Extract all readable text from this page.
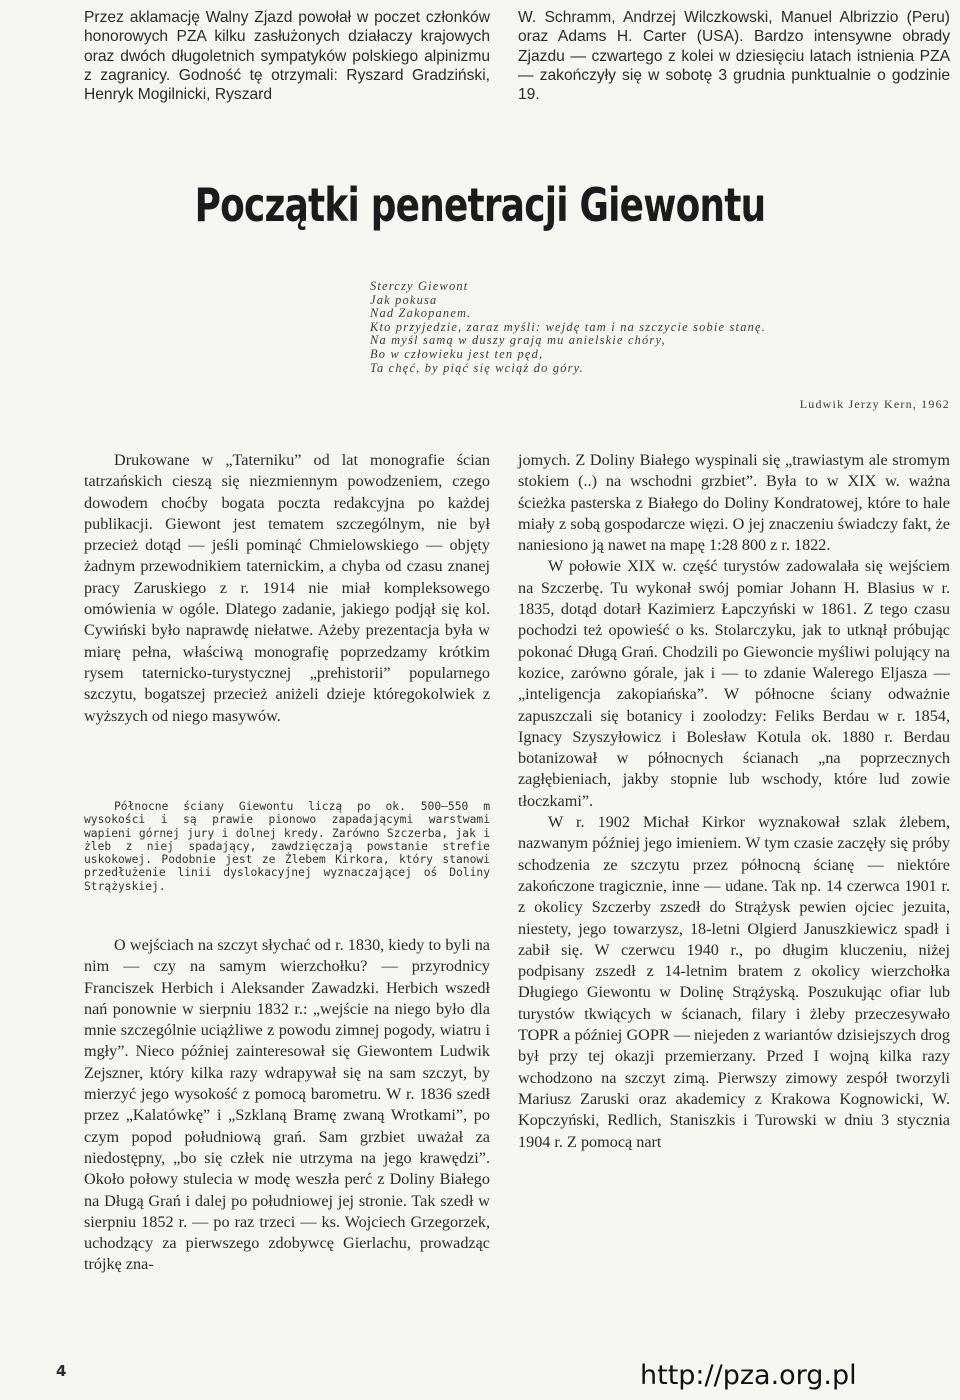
Przez aklamację Walny Zjazd powołał w poczet członków honorowych PZA kilku zasłużonych działaczy krajowych oraz dwóch długoletnich sympatyków polskiego alpinizmu z zagranicy. Godność tę otrzymali: Ryszard Gradziński, Henryk Mogilnicki, Ryszard
W. Schramm, Andrzej Wilczkowski, Manuel Albrizzio (Peru) oraz Adams H. Carter (USA). Bardzo intensywne obrady Zjazdu — czwartego z kolei w dziesięciu latach istnienia PZA — zakończyły się w sobotę 3 grudnia punktualnie o godzinie 19.
Początki penetracji Giewontu
Sterczy Giewont
Jak pokusa
Nad Zakopanem.
Kto przyjedzie, zaraz myśli: wejdę tam i na szczycie sobie stanę.
Na myśl samą w duszy grają mu anielskie chóry,
Bo w człowieku jest ten pęd,
Ta chęć, by piąć się wciąż do góry.
Ludwik Jerzy Kern, 1962

Drukowane w „Taterniku” od lat monografie ścian tatrzańskich cieszą się niezmiennym powodzeniem, czego dowodem choćby bogata poczta redakcyjna po każdej publikacji. Giewont jest tematem szczególnym, nie był przecież dotąd — jeśli pominąć Chmielowskiego — objęty żadnym przewodnikiem taternickim, a chyba od czasu znanej pracy Zaruskiego z r. 1914 nie miał kompleksowego omówienia w ogóle. Dlatego zadanie, jakiego podjął się kol. Cywiński było naprawdę niełatwe. Ażeby prezentacja była w miarę pełna, właściwą monografię poprzedzamy krótkim rysem taternicko-turystycznej „prehistorii” popularnego szczytu, bogatszej przecież aniżeli dzieje któregokolwiek z wyższych od niego masywów.

Północne ściany Giewontu liczą po ok. 500—550 m wysokości i są prawie pionowo zapadającymi warstwami wapieni górnej jury i dolnej kredy. Zarówno Szczerba, jak i żleb z niej spadający, zawdzięczają powstanie strefie uskokowej. Podobnie jest ze Żlebem Kirkora, który stanowi przedłużenie linii dyslokacyjnej wyznaczającej oś Doliny Strążyskiej.

O wejściach na szczyt słychać od r. 1830, kiedy to byli na nim — czy na samym wierzchołku? — przyrodnicy Franciszek Herbich i Aleksander Zawadzki. Herbich wszedł nań ponownie w sierpniu 1832 r.: „wejście na niego było dla mnie szczególnie uciążliwe z powodu zimnej pogody, wiatru i mgły”. Nieco później zainteresował się Giewontem Ludwik Zejszner, który kilka razy wdrapywał się na sam szczyt, by mierzyć jego wysokość z pomocą barometru. W r. 1836 szedł przez „Kalatówkę” i „Szklaną Bramę zwaną Wrotkami”, po czym popod południową grań. Sam grzbiet uważał za niedostępny, „bo się człek nie utrzyma na jego krawędzi”. Około połowy stulecia w modę weszła perć z Doliny Białego na Długą Grań i dalej po południowej jej stronie. Tak szedł w sierpniu 1852 r. — po raz trzeci — ks. Wojciech Grzegorzek, uchodzący za pierwszego zdobywcę Gierlachu, prowadząc trójkę zna-

jomych. Z Doliny Białego wyspinali się „trawiastym ale stromym stokiem (..) na wschodni grzbiet”. Była to w XIX w. ważna ścieżka pasterska z Białego do Doliny Kondratowej, które to hale miały z sobą gospodarcze więzi. O jej znaczeniu świadczy fakt, że naniesiono ją nawet na mapę 1:28 800 z r. 1822.

W połowie XIX w. część turystów zadowalała się wejściem na Szczerbę. Tu wykonał swój pomiar Johann H. Blasius w r. 1835, dotąd dotarł Kazimierz Łapczyński w 1861. Z tego czasu pochodzi też opowieść o ks. Stolarczyku, jak to utknął próbując pokonać Długą Grań. Chodzili po Giewoncie myśliwi polujący na kozice, zarówno górale, jak i — to zdanie Walerego Eljasza — „inteligencja zakopiańska”. W północne ściany odważnie zapuszczali się botanicy i zoolodzy: Feliks Berdau w r. 1854, Ignacy Szyszyłowicz i Bolesław Kotula ok. 1880 r. Berdau botanizował w północnych ścianach „na poprzecznych zagłębieniach, jakby stopnie lub wschody, które lud zowie tłoczkami”.

W r. 1902 Michał Kirkor wyznakował szlak żlebem, nazwanym później jego imieniem. W tym czasie zaczęły się próby schodzenia ze szczytu przez północną ścianę — niektóre zakończone tragicznie, inne — udane. Tak np. 14 czerwca 1901 r. z okolicy Szczerby zszedł do Strążysk pewien ojciec jezuita, niestety, jego towarzysz, 18-letni Olgierd Januszkiewicz spadł i zabił się. W czerwcu 1940 r., po długim kluczeniu, niżej podpisany zszedł z 14-letnim bratem z okolicy wierzchołka Długiego Giewontu w Dolinę Strążyską. Poszukując ofiar lub turystów tkwiących w ścianach, filary i żleby przeczesywało TOPR a później GOPR — niejeden z wariantów dzisiejszych drog był przy tej okazji przemierzany. Przed I wojną kilka razy wchodzono na szczyt zimą. Pierwszy zimowy zespół tworzyli Mariusz Zaruski oraz akademicy z Krakowa Kognowicki, W. Kopczyński, Redlich, Staniszkis i Turowski w dniu 3 stycznia 1904 r. Z pomocą nart

4	http://pza.org.pl
